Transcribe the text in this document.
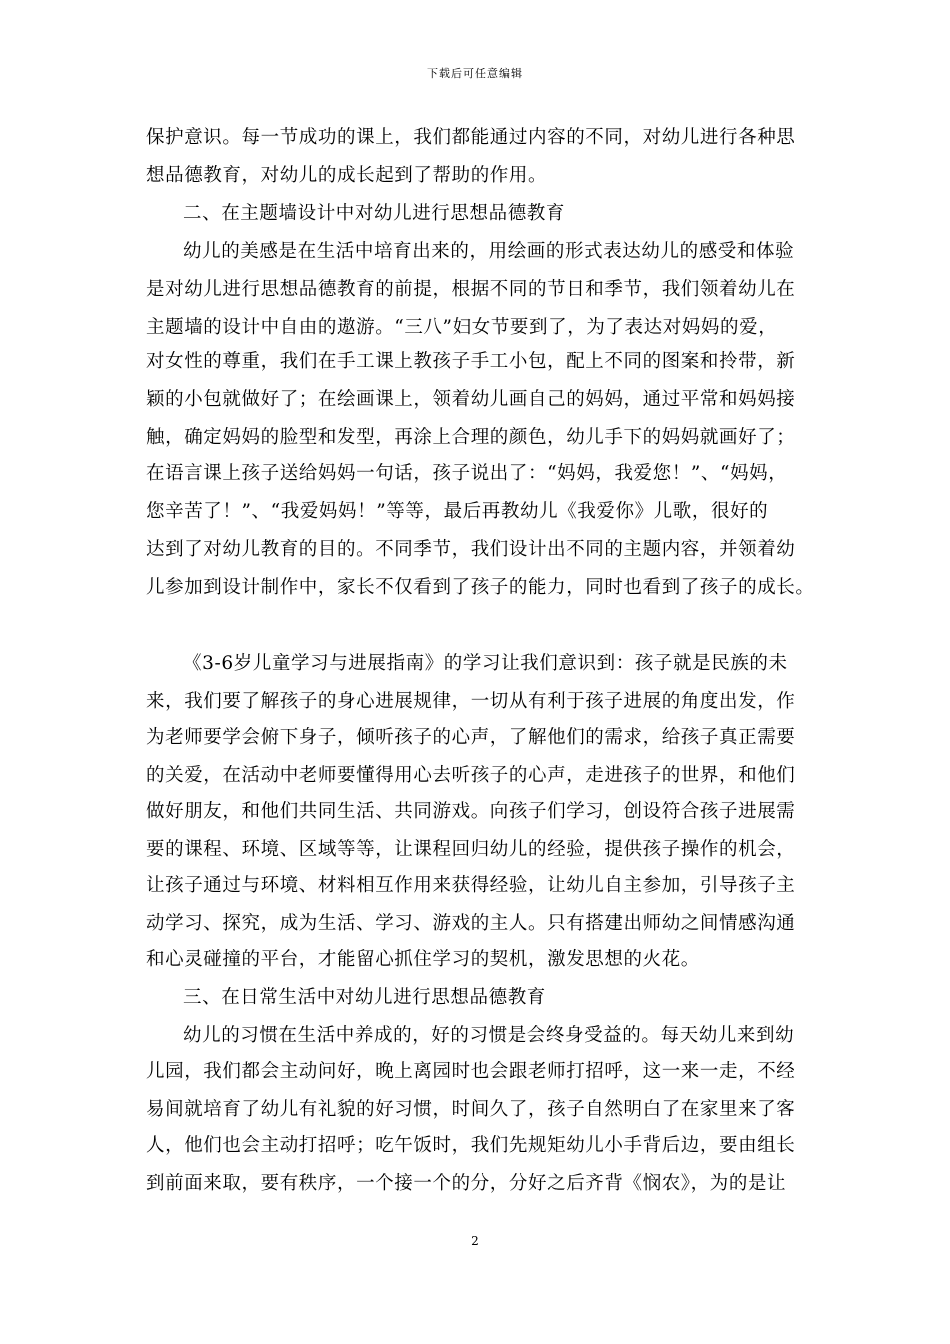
下载后可任意编辑
保护意识。每一节成功的课上，我们都能通过内容的不同，对幼儿进行各种思
想品德教育，对幼儿的成长起到了帮助的作用。
二、在主题墙设计中对幼儿进行思想品德教育
幼儿的美感是在生活中培育出来的，用绘画的形式表达幼儿的感受和体验
是对幼儿进行思想品德教育的前提，根据不同的节日和季节，我们领着幼儿在
主题墙的设计中自由的遨游。“三八”妇女节要到了，为了表达对妈妈的爱，
对女性的尊重，我们在手工课上教孩子手工小包，配上不同的图案和拎带，新
颖的小包就做好了；在绘画课上，领着幼儿画自己的妈妈，通过平常和妈妈接
触，确定妈妈的脸型和发型，再涂上合理的颜色，幼儿手下的妈妈就画好了；
在语言课上孩子送给妈妈一句话，孩子说出了：“妈妈，我爱您！”、“妈妈，
您辛苦了！”、“我爱妈妈！”等等，最后再教幼儿《我爱你》儿歌，很好的
达到了对幼儿教育的目的。不同季节，我们设计出不同的主题内容，并领着幼
儿参加到设计制作中，家长不仅看到了孩子的能力，同时也看到了孩子的成长。
《3-6岁儿童学习与进展指南》的学习让我们意识到：孩子就是民族的未
来，我们要了解孩子的身心进展规律，一切从有利于孩子进展的角度出发，作
为老师要学会俯下身子，倾听孩子的心声，了解他们的需求，给孩子真正需要
的关爱，在活动中老师要懂得用心去听孩子的心声，走进孩子的世界，和他们
做好朋友，和他们共同生活、共同游戏。向孩子们学习，创设符合孩子进展需
要的课程、环境、区域等等，让课程回归幼儿的经验，提供孩子操作的机会，
让孩子通过与环境、材料相互作用来获得经验，让幼儿自主参加，引导孩子主
动学习、探究，成为生活、学习、游戏的主人。只有搭建出师幼之间情感沟通
和心灵碰撞的平台，才能留心抓住学习的契机，激发思想的火花。
三、在日常生活中对幼儿进行思想品德教育
幼儿的习惯在生活中养成的，好的习惯是会终身受益的。每天幼儿来到幼
儿园，我们都会主动问好，晚上离园时也会跟老师打招呼，这一来一走，不经
易间就培育了幼儿有礼貌的好习惯，时间久了，孩子自然明白了在家里来了客
人，他们也会主动打招呼；吃午饭时，我们先规矩幼儿小手背后边，要由组长
到前面来取，要有秩序，一个接一个的分，分好之后齐背《悯农》，为的是让
2
